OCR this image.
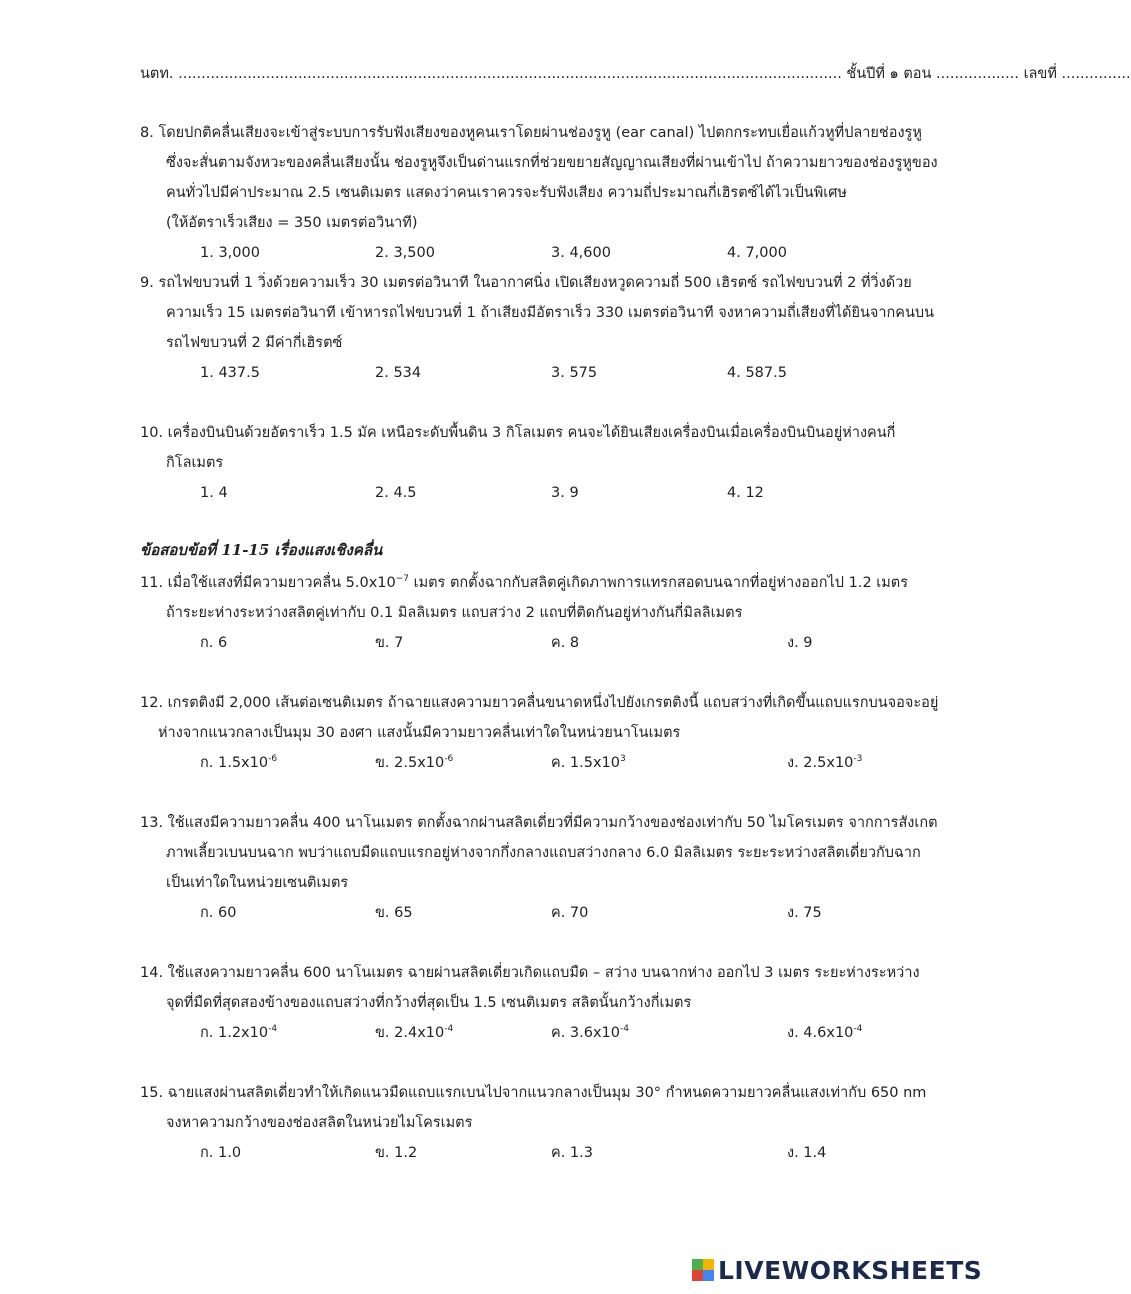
นตท. ................................................................................................................................................ ชั้นปีที่ ๑ ตอน .................. เลขที่ ...............
8. โดยปกติคลื่นเสียงจะเข้าสู่ระบบการรับฟังเสียงของหูคนเราโดยผ่านช่องรูหู (ear canal) ไปตกกระทบเยื่อแก้วหูที่ปลายช่องรูหู
ซึ่งจะสั่นตามจังหวะของคลื่นเสียงนั้น ช่องรูหูจึงเป็นด่านแรกที่ช่วยขยายสัญญาณเสียงที่ผ่านเข้าไป ถ้าความยาวของช่องรูหูของ
คนทั่วไปมีค่าประมาณ 2.5 เซนติเมตร แสดงว่าคนเราควรจะรับฟังเสียง ความถี่ประมาณกี่เฮิรตซ์ได้ไวเป็นพิเศษ
(ให้อัตราเร็วเสียง = 350 เมตรต่อวินาที)
1. 3,000	2. 3,500	3. 4,600	4. 7,000
9. รถไฟขบวนที่ 1 วิ่งด้วยความเร็ว 30 เมตรต่อวินาที ในอากาศนิ่ง เปิดเสียงหวูดความถี่ 500 เฮิรตซ์ รถไฟขบวนที่ 2 ที่วิ่งด้วย
ความเร็ว 15 เมตรต่อวินาที เข้าหารถไฟขบวนที่ 1 ถ้าเสียงมีอัตราเร็ว 330 เมตรต่อวินาที จงหาความถี่เสียงที่ได้ยินจากคนบน
รถไฟขบวนที่ 2 มีค่ากี่เฮิรตซ์
1. 437.5	2. 534	3. 575	4. 587.5
10. เครื่องบินบินด้วยอัตราเร็ว 1.5 มัค เหนือระดับพื้นดิน 3 กิโลเมตร คนจะได้ยินเสียงเครื่องบินเมื่อเครื่องบินบินอยู่ห่างคนกี่
กิโลเมตร
1. 4	2. 4.5	3. 9	4. 12
ข้อสอบข้อที่ 11-15 เรื่องแสงเชิงคลื่น
11. เมื่อใช้แสงที่มีความยาวคลื่น $5.0x10^{-7}$ เมตร ตกตั้งฉากกับสลิตคู่เกิดภาพการแทรกสอดบนฉากที่อยู่ห่างออกไป 1.2 เมตร
ถ้าระยะห่างระหว่างสลิตคู่เท่ากับ 0.1 มิลลิเมตร แถบสว่าง 2 แถบที่ติดกันอยู่ห่างกันกี่มิลลิเมตร
ก. 6	ข. 7	ค. 8	ง. 9
12. เกรตติงมี 2,000 เส้นต่อเซนติเมตร ถ้าฉายแสงความยาวคลื่นขนาดหนึ่งไปยังเกรตติงนี้ แถบสว่างที่เกิดขึ้นแถบแรกบนจอจะอยู่
ห่างจากแนวกลางเป็นมุม 30 องศา แสงนั้นมีความยาวคลื่นเท่าใดในหน่วยนาโนเมตร
ก. $1.5x10^{-6}$	ข. $2.5x10^{-6}$	ค. $1.5x10^3$	ง. $2.5x10^{-3}$
13. ใช้แสงมีความยาวคลื่น 400 นาโนเมตร ตกตั้งฉากผ่านสลิตเดี่ยวที่มีความกว้างของช่องเท่ากับ 50 ไมโครเมตร จากการสังเกต
ภาพเลี้ยวเบนบนฉาก พบว่าแถบมืดแถบแรกอยู่ห่างจากกึ่งกลางแถบสว่างกลาง 6.0 มิลลิเมตร ระยะระหว่างสลิตเดี่ยวกับฉาก
เป็นเท่าใดในหน่วยเซนติเมตร
ก. 60	ข. 65	ค. 70	ง. 75
14. ใช้แสงความยาวคลื่น 600 นาโนเมตร ฉายผ่านสลิตเดี่ยวเกิดแถบมืด – สว่าง บนฉากห่าง ออกไป 3 เมตร ระยะห่างระหว่าง
จุดที่มืดที่สุดสองข้างของแถบสว่างที่กว้างที่สุดเป็น 1.5 เซนติเมตร สลิตนั้นกว้างกี่เมตร
ก. $1.2x10^{-4}$	ข. $2.4x10^{-4}$	ค. $3.6x10^{-4}$	ง. $4.6x10^{-4}$
15. ฉายแสงผ่านสลิตเดี่ยวทำให้เกิดแนวมืดแถบแรกเบนไปจากแนวกลางเป็นมุม 30° กำหนดความยาวคลื่นแสงเท่ากับ 650 nm
จงหาความกว้างของช่องสลิตในหน่วยไมโครเมตร
ก. 1.0	ข. 1.2	ค. 1.3	ง. 1.4
LIVEWORKSHEETS
